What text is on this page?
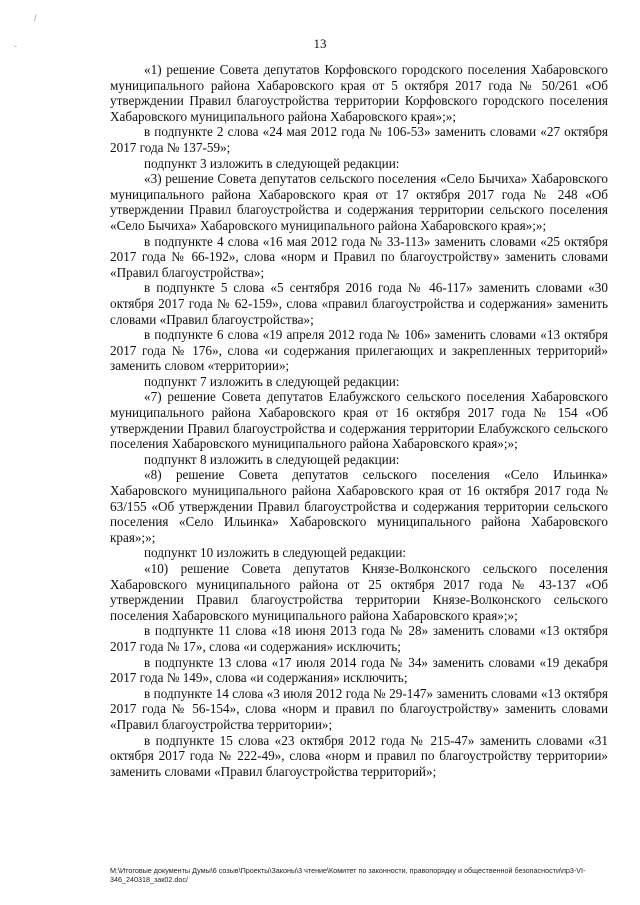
/
-	13

«1) решение Совета депутатов Корфовского городского поселения Хабаровского муниципального района Хабаровского края от 5 октября 2017 года № 50/261 «Об утверждении Правил благоустройства территории Корфовского городского поселения Хабаровского муниципального района Хабаровского края»;»;

в подпункте 2 слова «24 мая 2012 года № 106-53» заменить словами «27 октября 2017 года № 137-59»;

подпункт 3 изложить в следующей редакции:

«3) решение Совета депутатов сельского поселения «Село Бычиха» Хабаровского муниципального района Хабаровского края от 17 октября 2017 года № 248 «Об утверждении Правил благоустройства и содержания территории сельского поселения «Село Бычиха» Хабаровского муниципального района Хабаровского края»;»;

в подпункте 4 слова «16 мая 2012 года № 33-113» заменить словами «25 октября 2017 года № 66-192», слова «норм и Правил по благоустройству» заменить словами «Правил благоустройства»;

в подпункте 5 слова «5 сентября 2016 года № 46-117» заменить словами «30 октября 2017 года № 62-159», слова «правил благоустройства и содержания» заменить словами «Правил благоустройства»;

в подпункте 6 слова «19 апреля 2012 года № 106» заменить словами «13 октября 2017 года № 176», слова «и содержания прилегающих и закрепленных территорий» заменить словом «территории»;

подпункт 7 изложить в следующей редакции:

«7) решение Совета депутатов Елабужского сельского поселения Хабаровского муниципального района Хабаровского края от 16 октября 2017 года № 154 «Об утверждении Правил благоустройства и содержания территории Елабужского сельского поселения Хабаровского муниципального района Хабаровского края»;»;

подпункт 8 изложить в следующей редакции:

«8) решение Совета депутатов сельского поселения «Село Ильинка» Хабаровского муниципального района Хабаровского края от 16 октября 2017 года № 63/155 «Об утверждении Правил благоустройства и содержания территории сельского поселения «Село Ильинка» Хабаровского муниципального района Хабаровского края»;»;

подпункт 10 изложить в следующей редакции:

«10) решение Совета депутатов Князе-Волконского сельского поселения Хабаровского муниципального района от 25 октября 2017 года № 43-137 «Об утверждении Правил благоустройства территории Князе-Волконского сельского поселения Хабаровского муниципального района Хабаровского края»;»;

в подпункте 11 слова «18 июня 2013 года № 28» заменить словами «13 октября 2017 года № 17», слова «и содержания» исключить;

в подпункте 13 слова «17 июля 2014 года № 34» заменить словами «19 декабря 2017 года № 149», слова «и содержания» исключить;

в подпункте 14 слова «3 июля 2012 года № 29-147» заменить словами «13 октября 2017 года № 56-154», слова «норм и правил по благоустройству» заменить словами «Правил благоустройства территории»;

в подпункте 15 слова «23 октября 2012 года № 215-47» заменить словами «31 октября 2017 года № 222-49», слова «норм и правил по благоустройству территории» заменить словами «Правил благоустройства территорий»;

M:\Итоговые документы Думы\6 созыв\Проекты\Законы\3 чтение\Комитет по законности, правопорядку и общественной безопасности\пр3-VI-
346_240318_зак02.doc/
